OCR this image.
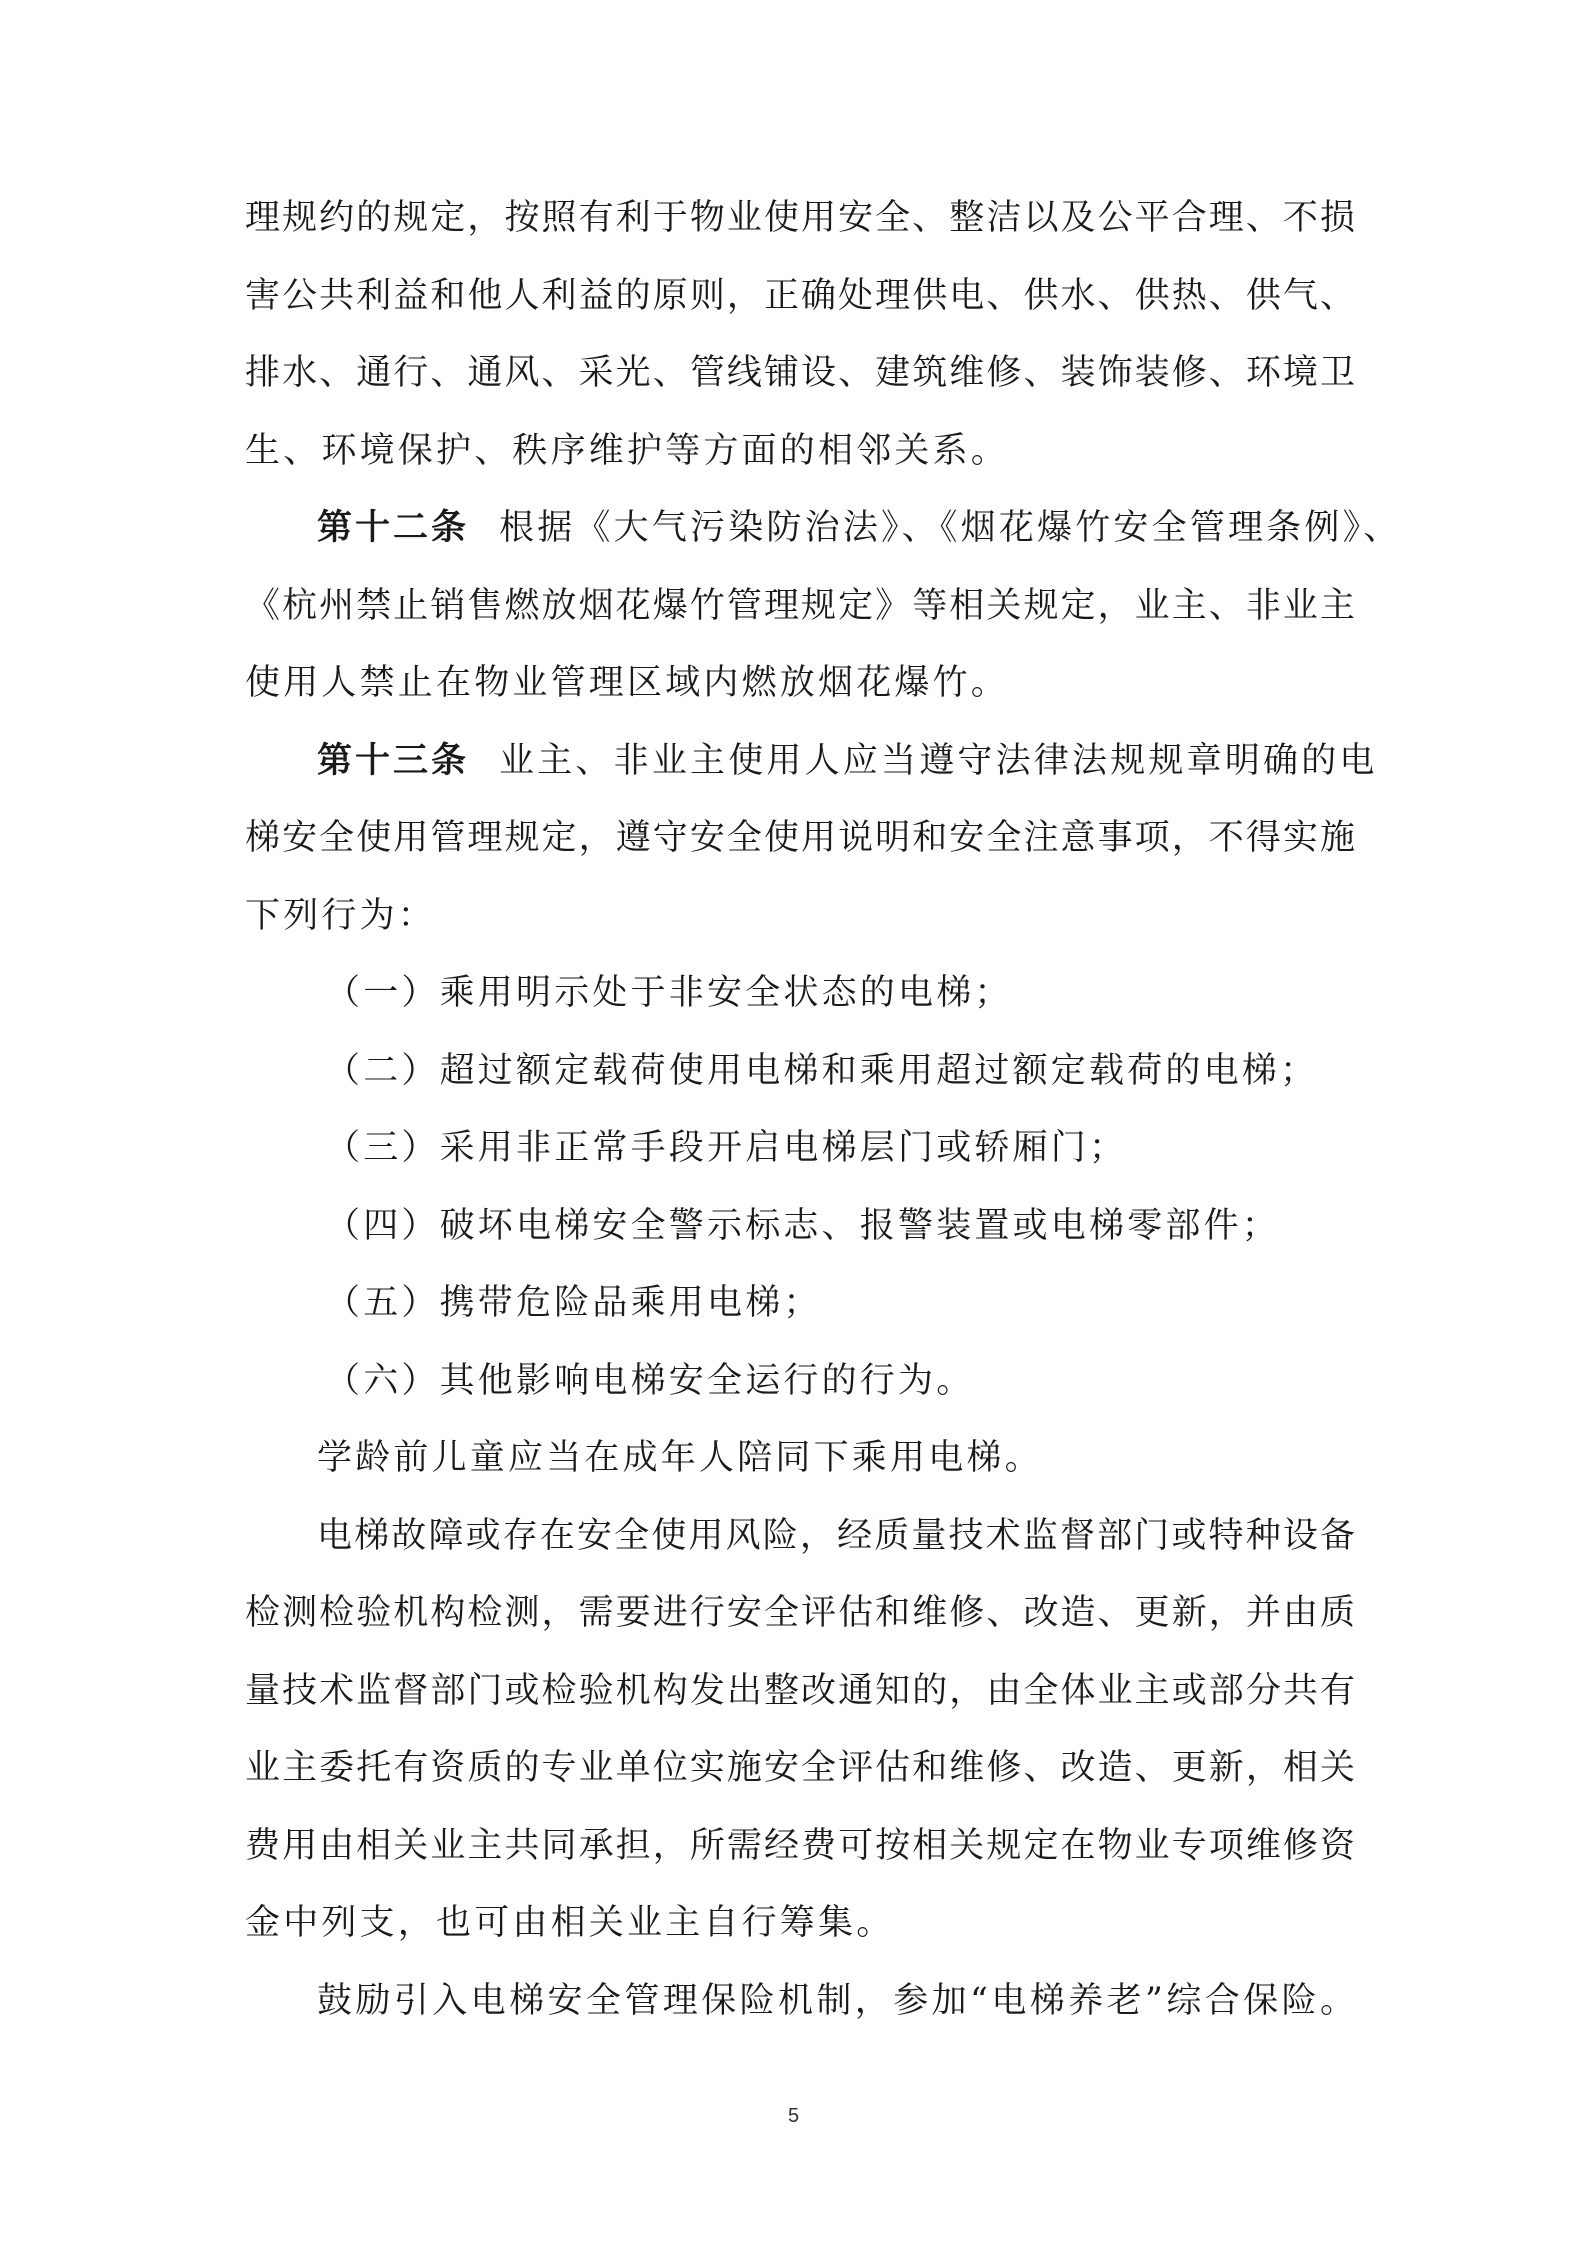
理规约的规定，按照有利于物业使用安全、整洁以及公平合理、不损
害公共利益和他人利益的原则，正确处理供电、供水、供热、供气、
排水、通行、通风、采光、管线铺设、建筑维修、装饰装修、环境卫
生、环境保护、秩序维护等方面的相邻关系。
第十二条 根据《大气污染防治法》、《烟花爆竹安全管理条例》、
《杭州禁止销售燃放烟花爆竹管理规定》等相关规定，业主、非业主
使用人禁止在物业管理区域内燃放烟花爆竹。
第十三条 业主、非业主使用人应当遵守法律法规规章明确的电
梯安全使用管理规定，遵守安全使用说明和安全注意事项，不得实施
下列行为：
（一）乘用明示处于非安全状态的电梯；
（二）超过额定载荷使用电梯和乘用超过额定载荷的电梯；
（三）采用非正常手段开启电梯层门或轿厢门；
（四）破坏电梯安全警示标志、报警装置或电梯零部件；
（五）携带危险品乘用电梯；
（六）其他影响电梯安全运行的行为。
学龄前儿童应当在成年人陪同下乘用电梯。
电梯故障或存在安全使用风险，经质量技术监督部门或特种设备
检测检验机构检测，需要进行安全评估和维修、改造、更新，并由质
量技术监督部门或检验机构发出整改通知的，由全体业主或部分共有
业主委托有资质的专业单位实施安全评估和维修、改造、更新，相关
费用由相关业主共同承担，所需经费可按相关规定在物业专项维修资
金中列支，也可由相关业主自行筹集。
鼓励引入电梯安全管理保险机制，参加“电梯养老”综合保险。
5
